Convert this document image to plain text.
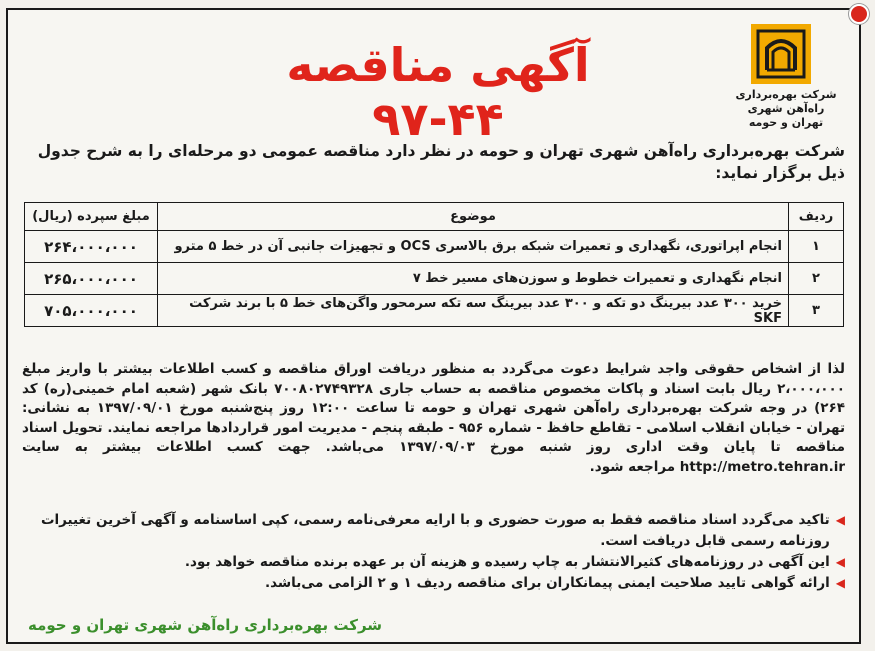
شرکت بهره‌برداری
راه‌آهن شهری تهران و حومه
آگهی مناقصه ۴۴-۹۷
شرکت بهره‌برداری راه‌آهن شهری تهران و حومه در نظر دارد مناقصه عمومی دو مرحله‌ای را به شرح جدول ذیل برگزار نماید:
ردیف	موضوع	مبلغ سپرده (ریال)
۱	انجام اپراتوری، نگهداری و تعمیرات شبکه برق بالاسری OCS و تجهیزات جانبی آن در خط ۵ مترو	۲۶۴،۰۰۰،۰۰۰
۲	انجام نگهداری و تعمیرات خطوط و سوزن‌های مسیر خط ۷	۲۶۵،۰۰۰،۰۰۰
۳	خرید ۳۰۰ عدد بیرینگ دو تکه و ۳۰۰ عدد بیرینگ سه تکه سرمحور واگن‌های خط ۵ با برند شرکت SKF	۷۰۵،۰۰۰،۰۰۰
لذا از اشخاص حقوقی واجد شرایط دعوت می‌گردد به منظور دریافت اوراق مناقصه و کسب اطلاعات بیشتر با واریز مبلغ ۲،۰۰۰،۰۰۰ ریال بابت اسناد و پاکات مخصوص مناقصه به حساب جاری ۷۰۰۸۰۲۷۴۹۳۲۸ بانک شهر (شعبه امام خمینی(ره) کد ۲۶۴) در وجه شرکت بهره‌برداری راه‌آهن شهری تهران و حومه تا ساعت ۱۲:۰۰ روز پنج‌شنبه مورخ ۱۳۹۷/۰۹/۰۱ به نشانی: تهران - خیابان انقلاب اسلامی - تقاطع حافظ - شماره ۹۵۶ - طبقه پنجم - مدیریت امور قراردادها مراجعه نمایند. تحویل اسناد مناقصه تا پایان وقت اداری روز شنبه مورخ ۱۳۹۷/۰۹/۰۳ می‌باشد. جهت کسب اطلاعات بیشتر به سایت http://metro.tehran.ir مراجعه شود.
◀
تاکید می‌گردد اسناد مناقصه فقط به صورت حضوری و با ارایه معرفی‌نامه رسمی، کپی اساسنامه و آگهی آخرین تغییرات روزنامه رسمی قابل دریافت است.
◀
این آگهی در روزنامه‌های کثیرالانتشار به چاپ رسیده و هزینه آن بر عهده برنده مناقصه خواهد بود.
◀
ارائه گواهی تایید صلاحیت ایمنی پیمانکاران برای مناقصه ردیف ۱ و ۲ الزامی می‌باشد.
شرکت بهره‌برداری راه‌آهن شهری تهران و حومه
